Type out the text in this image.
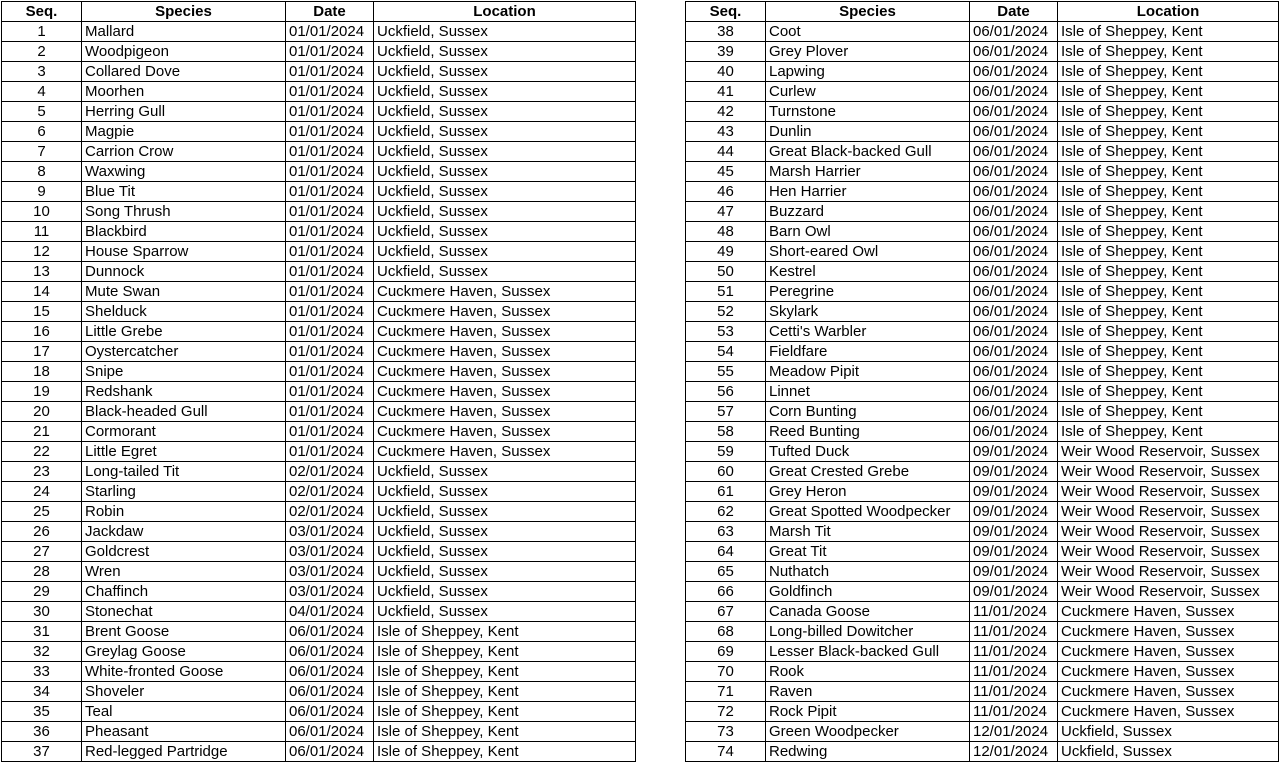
Seq.	Species	Date	Location
1	Mallard	01/01/2024	Uckfield, Sussex
2	Woodpigeon	01/01/2024	Uckfield, Sussex
3	Collared Dove	01/01/2024	Uckfield, Sussex
4	Moorhen	01/01/2024	Uckfield, Sussex
5	Herring Gull	01/01/2024	Uckfield, Sussex
6	Magpie	01/01/2024	Uckfield, Sussex
7	Carrion Crow	01/01/2024	Uckfield, Sussex
8	Waxwing	01/01/2024	Uckfield, Sussex
9	Blue Tit	01/01/2024	Uckfield, Sussex
10	Song Thrush	01/01/2024	Uckfield, Sussex
11	Blackbird	01/01/2024	Uckfield, Sussex
12	House Sparrow	01/01/2024	Uckfield, Sussex
13	Dunnock	01/01/2024	Uckfield, Sussex
14	Mute Swan	01/01/2024	Cuckmere Haven, Sussex
15	Shelduck	01/01/2024	Cuckmere Haven, Sussex
16	Little Grebe	01/01/2024	Cuckmere Haven, Sussex
17	Oystercatcher	01/01/2024	Cuckmere Haven, Sussex
18	Snipe	01/01/2024	Cuckmere Haven, Sussex
19	Redshank	01/01/2024	Cuckmere Haven, Sussex
20	Black-headed Gull	01/01/2024	Cuckmere Haven, Sussex
21	Cormorant	01/01/2024	Cuckmere Haven, Sussex
22	Little Egret	01/01/2024	Cuckmere Haven, Sussex
23	Long-tailed Tit	02/01/2024	Uckfield, Sussex
24	Starling	02/01/2024	Uckfield, Sussex
25	Robin	02/01/2024	Uckfield, Sussex
26	Jackdaw	03/01/2024	Uckfield, Sussex
27	Goldcrest	03/01/2024	Uckfield, Sussex
28	Wren	03/01/2024	Uckfield, Sussex
29	Chaffinch	03/01/2024	Uckfield, Sussex
30	Stonechat	04/01/2024	Uckfield, Sussex
31	Brent Goose	06/01/2024	Isle of Sheppey, Kent
32	Greylag Goose	06/01/2024	Isle of Sheppey, Kent
33	White-fronted Goose	06/01/2024	Isle of Sheppey, Kent
34	Shoveler	06/01/2024	Isle of Sheppey, Kent
35	Teal	06/01/2024	Isle of Sheppey, Kent
36	Pheasant	06/01/2024	Isle of Sheppey, Kent
37	Red-legged Partridge	06/01/2024	Isle of Sheppey, Kent
Seq.	Species	Date	Location
38	Coot	06/01/2024	Isle of Sheppey, Kent
39	Grey Plover	06/01/2024	Isle of Sheppey, Kent
40	Lapwing	06/01/2024	Isle of Sheppey, Kent
41	Curlew	06/01/2024	Isle of Sheppey, Kent
42	Turnstone	06/01/2024	Isle of Sheppey, Kent
43	Dunlin	06/01/2024	Isle of Sheppey, Kent
44	Great Black-backed Gull	06/01/2024	Isle of Sheppey, Kent
45	Marsh Harrier	06/01/2024	Isle of Sheppey, Kent
46	Hen Harrier	06/01/2024	Isle of Sheppey, Kent
47	Buzzard	06/01/2024	Isle of Sheppey, Kent
48	Barn Owl	06/01/2024	Isle of Sheppey, Kent
49	Short-eared Owl	06/01/2024	Isle of Sheppey, Kent
50	Kestrel	06/01/2024	Isle of Sheppey, Kent
51	Peregrine	06/01/2024	Isle of Sheppey, Kent
52	Skylark	06/01/2024	Isle of Sheppey, Kent
53	Cetti's Warbler	06/01/2024	Isle of Sheppey, Kent
54	Fieldfare	06/01/2024	Isle of Sheppey, Kent
55	Meadow Pipit	06/01/2024	Isle of Sheppey, Kent
56	Linnet	06/01/2024	Isle of Sheppey, Kent
57	Corn Bunting	06/01/2024	Isle of Sheppey, Kent
58	Reed Bunting	06/01/2024	Isle of Sheppey, Kent
59	Tufted Duck	09/01/2024	Weir Wood Reservoir, Sussex
60	Great Crested Grebe	09/01/2024	Weir Wood Reservoir, Sussex
61	Grey Heron	09/01/2024	Weir Wood Reservoir, Sussex
62	Great Spotted Woodpecker	09/01/2024	Weir Wood Reservoir, Sussex
63	Marsh Tit	09/01/2024	Weir Wood Reservoir, Sussex
64	Great Tit	09/01/2024	Weir Wood Reservoir, Sussex
65	Nuthatch	09/01/2024	Weir Wood Reservoir, Sussex
66	Goldfinch	09/01/2024	Weir Wood Reservoir, Sussex
67	Canada Goose	11/01/2024	Cuckmere Haven, Sussex
68	Long-billed Dowitcher	11/01/2024	Cuckmere Haven, Sussex
69	Lesser Black-backed Gull	11/01/2024	Cuckmere Haven, Sussex
70	Rook	11/01/2024	Cuckmere Haven, Sussex
71	Raven	11/01/2024	Cuckmere Haven, Sussex
72	Rock Pipit	11/01/2024	Cuckmere Haven, Sussex
73	Green Woodpecker	12/01/2024	Uckfield, Sussex
74	Redwing	12/01/2024	Uckfield, Sussex
